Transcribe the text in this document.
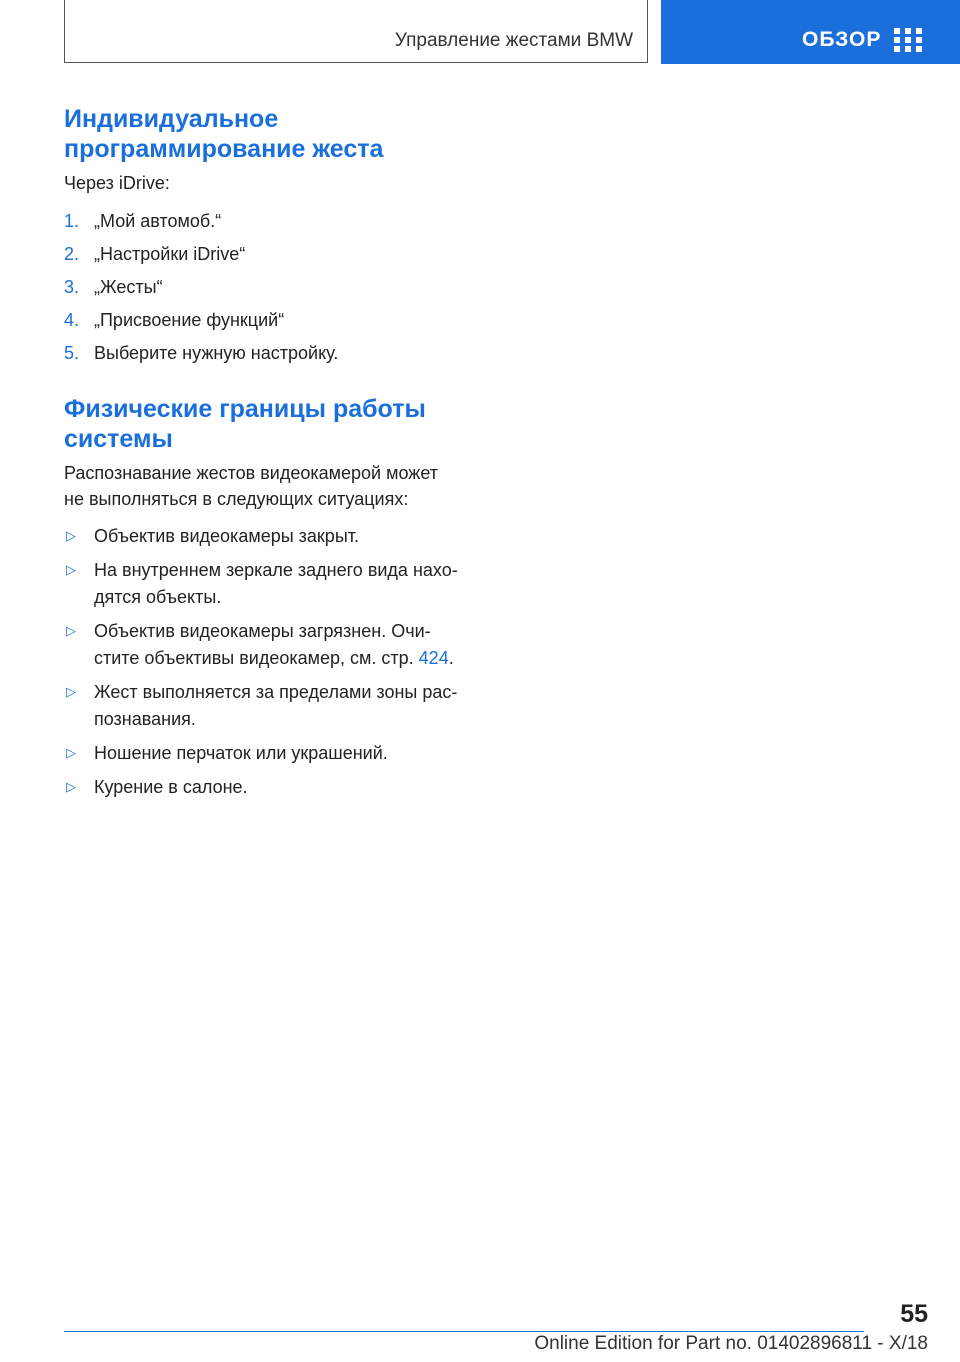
Управление жестами BMW	ОБЗОР
Индивидуальное
программирование жеста

Через iDrive:

1. „Мой автомоб.“
2. „Настройки iDrive“
3. „Жесты“
4. „Присвоение функций“
5. Выберите нужную настройку.
Физические границы работы
системы

Распознавание жестов видеокамерой может
не выполняться в следующих ситуациях:

▷ Объектив видеокамеры закрыт.
▷ На внутреннем зеркале заднего вида нахо-
дятся объекты.
▷ Объектив видеокамеры загрязнен. Очи-
стите объективы видеокамер, см. стр. 424.
▷ Жест выполняется за пределами зоны рас-
познавания.
▷ Ношение перчаток или украшений.
▷ Курение в салоне.
55
Online Edition for Part no. 01402896811 - X/18
